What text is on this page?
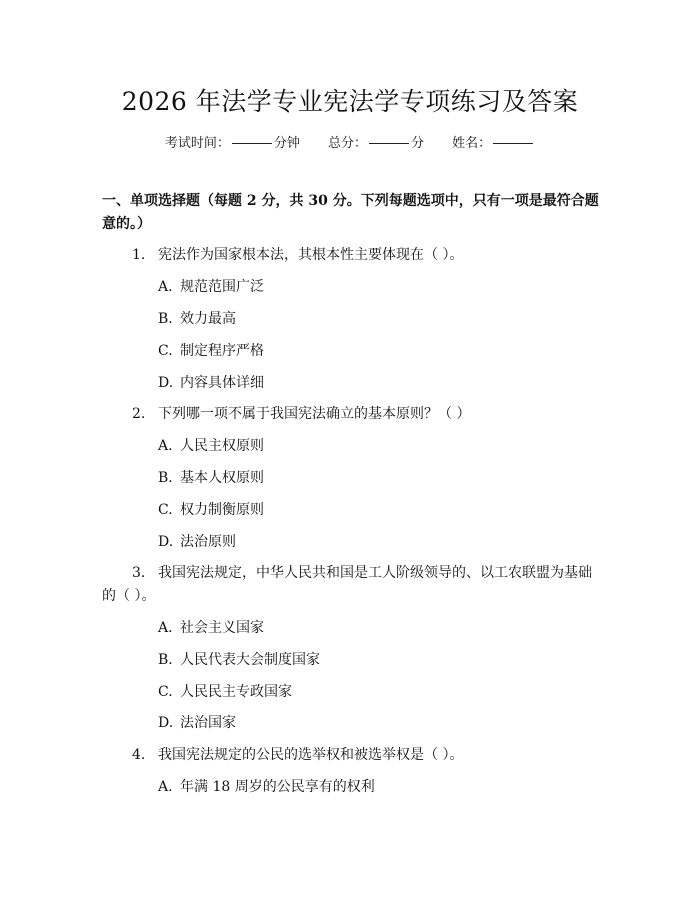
2026 年法学专业宪法学专项练习及答案
考试时间：	分钟 总分：	分 姓名：
一、单项选择题（每题 2 分，共 30 分。下列每题选项中，只有一项是最符合题意的。）
1. 宪法作为国家根本法，其根本性主要体现在（ ）。
A. 规范范围广泛
B. 效力最高
C. 制定程序严格
D. 内容具体详细
2. 下列哪一项不属于我国宪法确立的基本原则？（ ）
A. 人民主权原则
B. 基本人权原则
C. 权力制衡原则
D. 法治原则
3. 我国宪法规定，中华人民共和国是工人阶级领导的、以工农联盟为基础的（ ）。
A. 社会主义国家
B. 人民代表大会制度国家
C. 人民民主专政国家
D. 法治国家
4. 我国宪法规定的公民的选举权和被选举权是（ ）。
A. 年满 18 周岁的公民享有的权利
